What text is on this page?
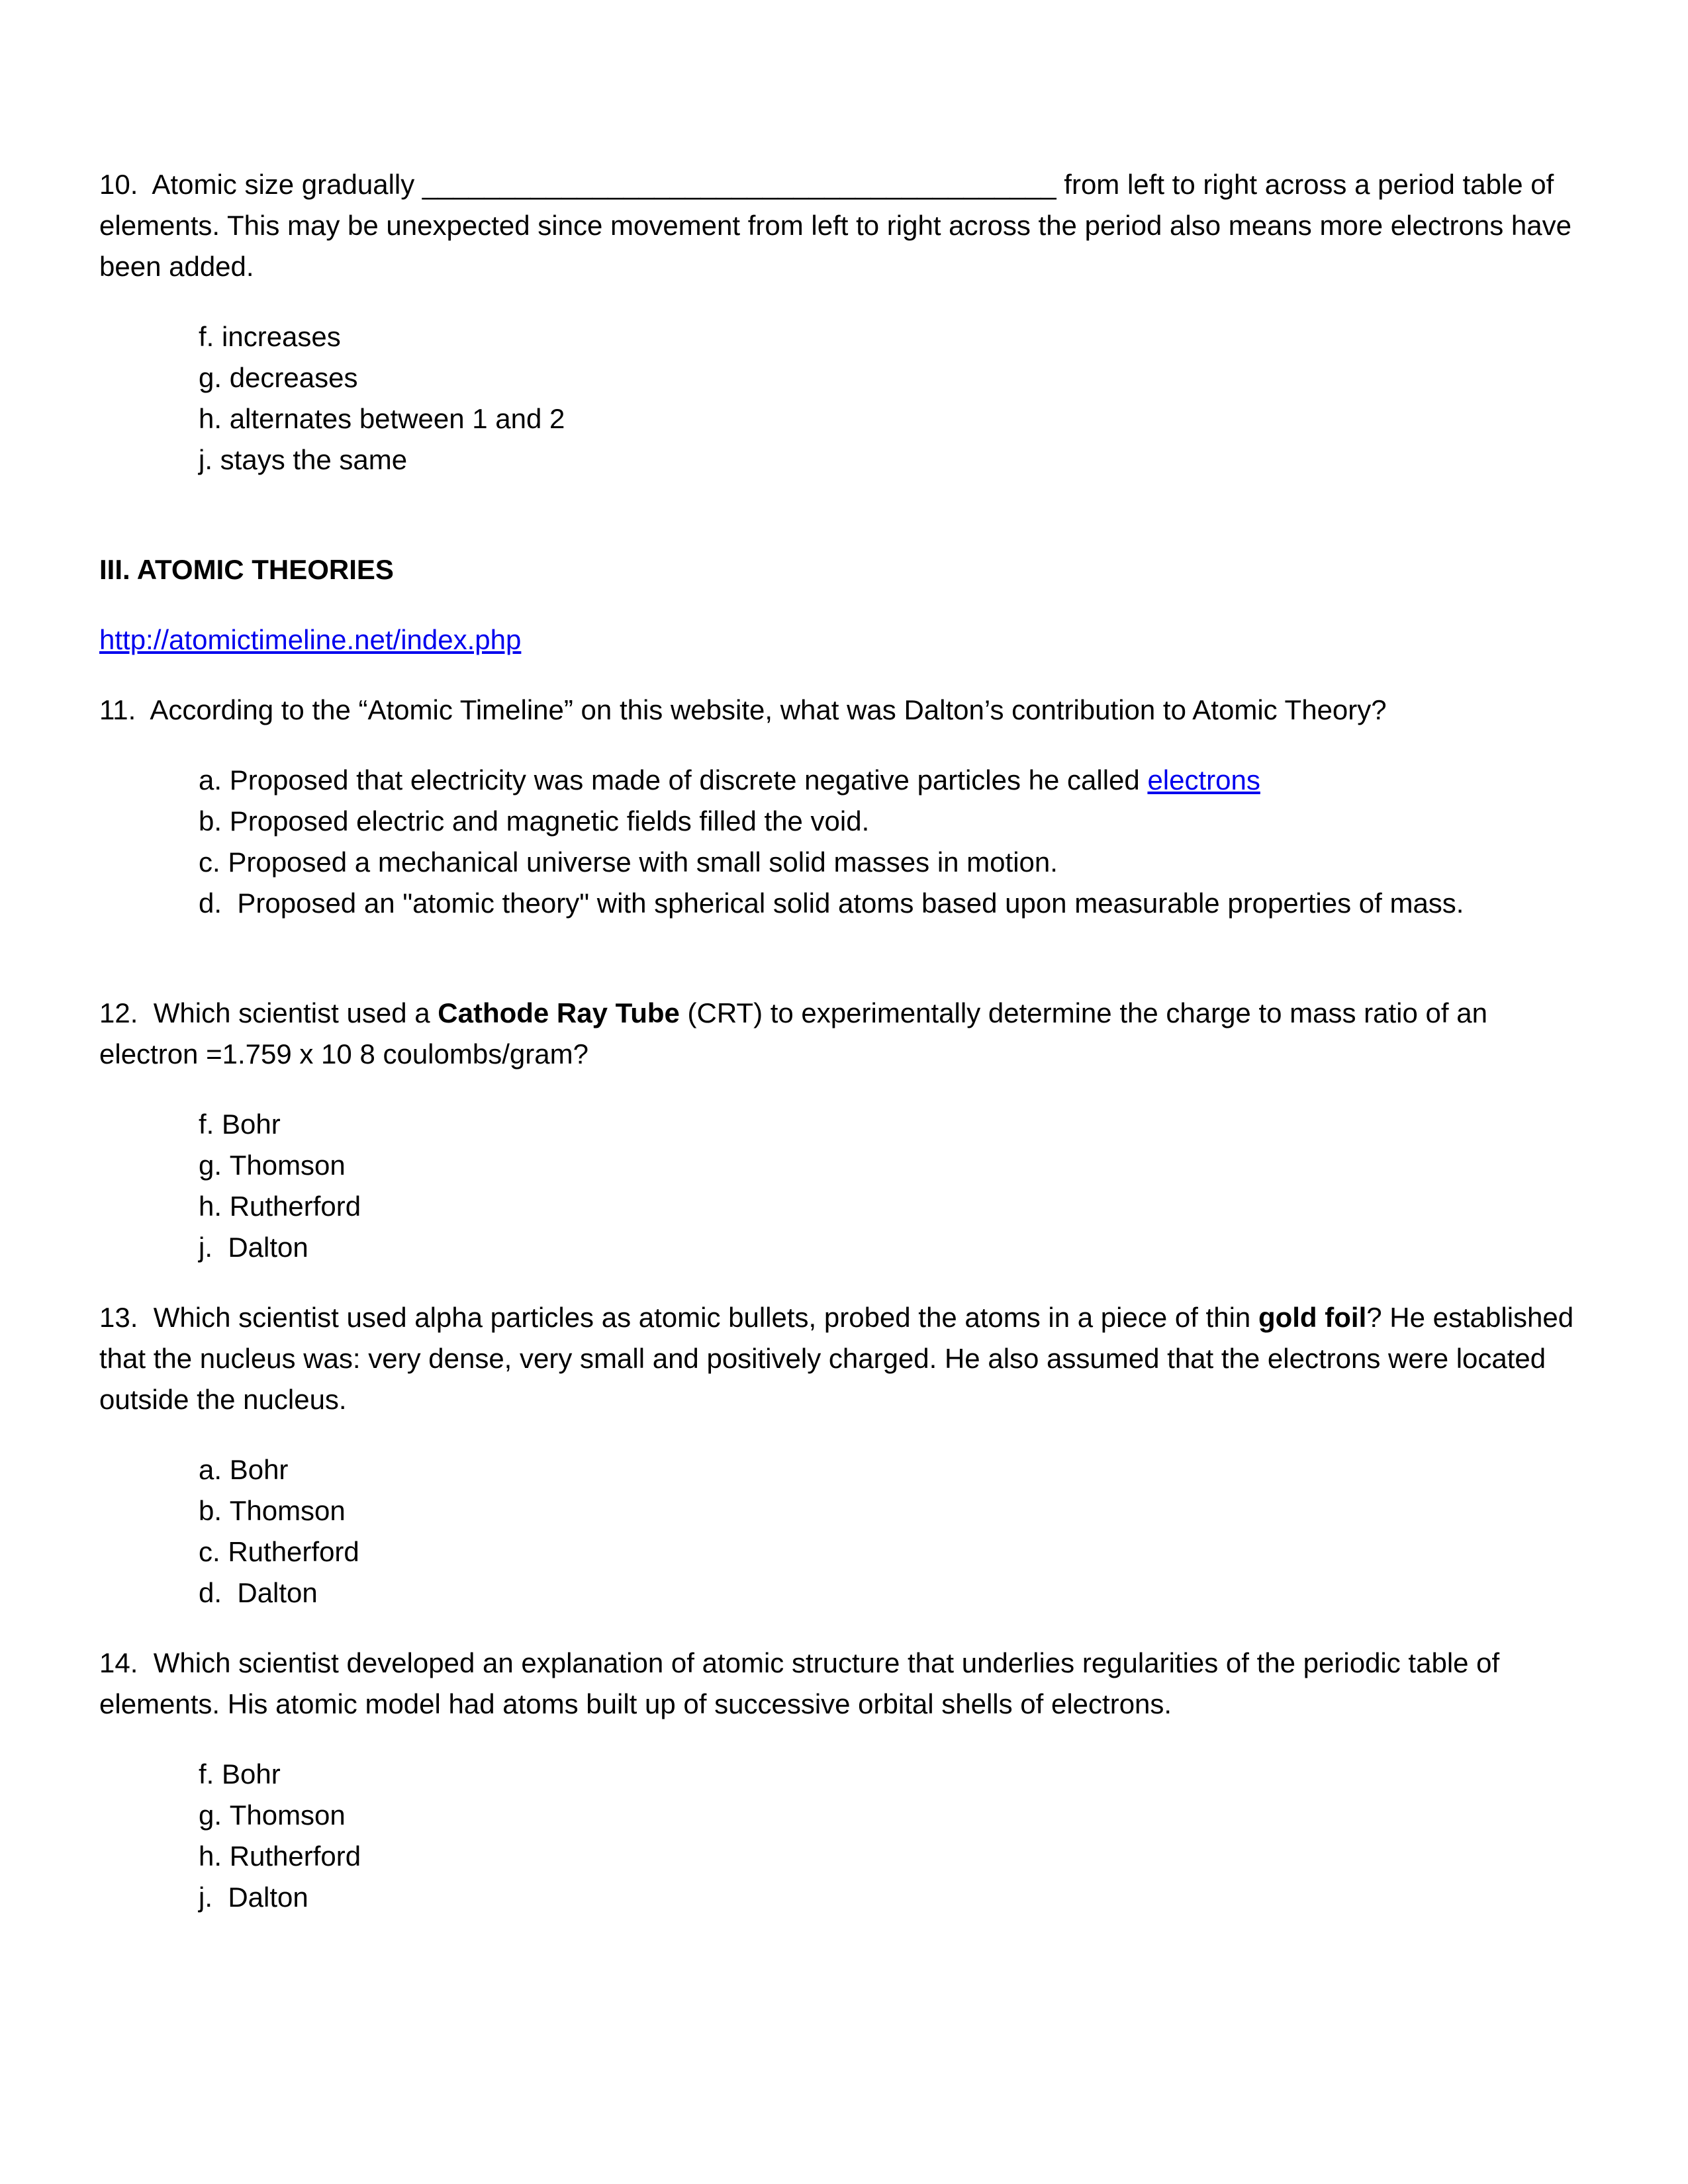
10. Atomic size gradually _________________________________________ from left to right across a period table of elements. This may be unexpected since movement from left to right across the period also means more electrons have been added.

f. increases
g. decreases
h. alternates between 1 and 2
j. stays the same

III. ATOMIC THEORIES

http://atomictimeline.net/index.php

11. According to the “Atomic Timeline” on this website, what was Dalton’s contribution to Atomic Theory?

a. Proposed that electricity was made of discrete negative particles he called electrons
b. Proposed electric and magnetic fields filled the void.
c. Proposed a mechanical universe with small solid masses in motion.
d.  Proposed an "atomic theory" with spherical solid atoms based upon measurable properties of mass.

12. Which scientist used a Cathode Ray Tube (CRT) to experimentally determine the charge to mass ratio of an electron =1.759 x 10 8 coulombs/gram?

f. Bohr
g. Thomson
h. Rutherford
j.  Dalton

13. Which scientist used alpha particles as atomic bullets, probed the atoms in a piece of thin gold foil? He established that the nucleus was: very dense, very small and positively charged. He also assumed that the electrons were located outside the nucleus.

a. Bohr
b. Thomson
c. Rutherford
d.  Dalton

14. Which scientist developed an explanation of atomic structure that underlies regularities of the periodic table of elements. His atomic model had atoms built up of successive orbital shells of electrons.

f. Bohr
g. Thomson
h. Rutherford
j.  Dalton
